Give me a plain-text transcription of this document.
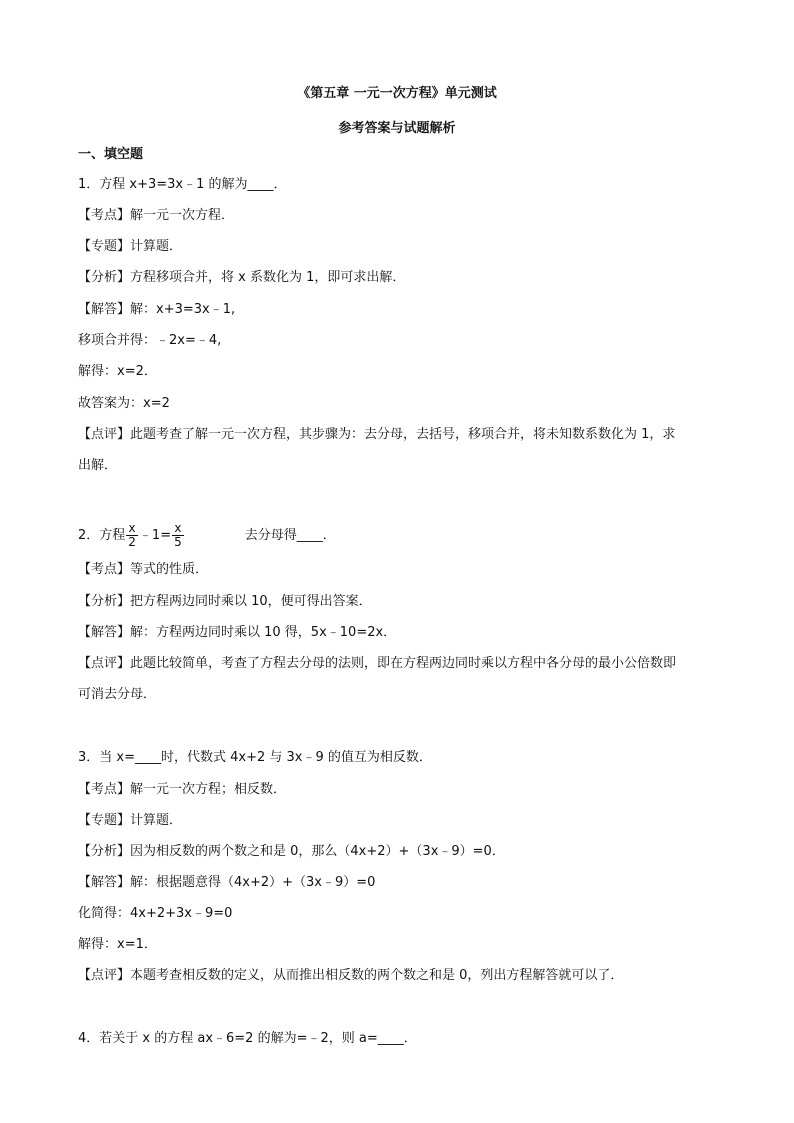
《第五章 一元一次方程》单元测试
参考答案与试题解析
一、填空题
1．方程 x+3=3x﹣1 的解为____．
【考点】解一元一次方程．
【专题】计算题．
【分析】方程移项合并，将 x 系数化为 1，即可求出解．
【解答】解：x+3=3x﹣1,
移项合并得：﹣2x=﹣4,
解得：x=2．
故答案为：x=2
【点评】此题考查了解一元一次方程，其步骤为：去分母，去括号，移项合并，将未知数系数化为 1，求
出解．
2．方程 $\frac{x}{2}$ ﹣1= $\frac{x}{5}$	去分母得____．
【考点】等式的性质．
【分析】把方程两边同时乘以 10，便可得出答案．
【解答】解：方程两边同时乘以 10 得，5x﹣10=2x．
【点评】此题比较简单，考查了方程去分母的法则，即在方程两边同时乘以方程中各分母的最小公倍数即
可消去分母．
3．当 x=____时，代数式 4x+2 与 3x﹣9 的值互为相反数．
【考点】解一元一次方程；相反数．
【专题】计算题．
【分析】因为相反数的两个数之和是 0，那么（4x+2）+（3x﹣9）=0．
【解答】解：根据题意得（4x+2）+（3x﹣9）=0
化简得：4x+2+3x﹣9=0
解得：x=1．
【点评】本题考查相反数的定义，从而推出相反数的两个数之和是 0，列出方程解答就可以了．
4．若关于 x 的方程 ax﹣6=2 的解为=﹣2，则 a=____．
